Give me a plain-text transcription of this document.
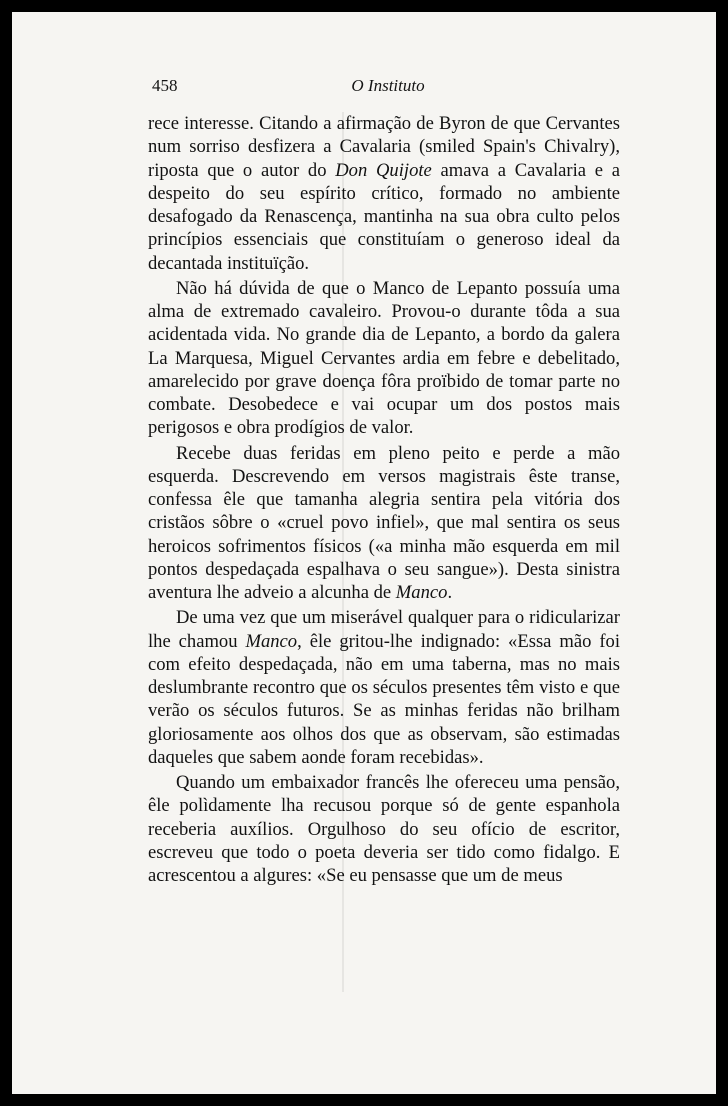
458	O Instituto

rece interesse. Citando a afirmação de Byron de que Cervantes num sorriso desfizera a Cavalaria (smiled Spain's Chivalry), riposta que o autor do Don Quijote amava a Cavalaria e a despeito do seu espírito crítico, formado no ambiente desafogado da Renascença, mantinha na sua obra culto pelos princípios essenciais que constituíam o generoso ideal da decantada instituïção.

Não há dúvida de que o Manco de Lepanto possuía uma alma de extremado cavaleiro. Provou-o durante tôda a sua acidentada vida. No grande dia de Lepanto, a bordo da galera La Marquesa, Miguel Cervantes ardia em febre e debelitado, amarelecido por grave doença fôra proïbido de tomar parte no combate. Desobedece e vai ocupar um dos postos mais perigosos e obra prodígios de valor.

Recebe duas feridas em pleno peito e perde a mão esquerda. Descrevendo em versos magistrais êste transe, confessa êle que tamanha alegria sentira pela vitória dos cristãos sôbre o «cruel povo infiel», que mal sentira os seus heroicos sofrimentos físicos («a minha mão esquerda em mil pontos despedaçada espalhava o seu sangue»). Desta sinistra aventura lhe adveio a alcunha de Manco.

De uma vez que um miserável qualquer para o ridicularizar lhe chamou Manco, êle gritou-lhe indignado: «Essa mão foi com efeito despedaçada, não em uma taberna, mas no mais deslumbrante recontro que os séculos presentes têm visto e que verão os séculos futuros. Se as minhas feridas não brilham gloriosamente aos olhos dos que as observam, são estimadas daqueles que sabem aonde foram recebidas».

Quando um embaixador francês lhe ofereceu uma pensão, êle polìdamente lha recusou porque só de gente espanhola receberia auxílios. Orgulhoso do seu ofício de escritor, escreveu que todo o poeta deveria ser tido como fidalgo. E acrescentou a algures: «Se eu pensasse que um de meus
